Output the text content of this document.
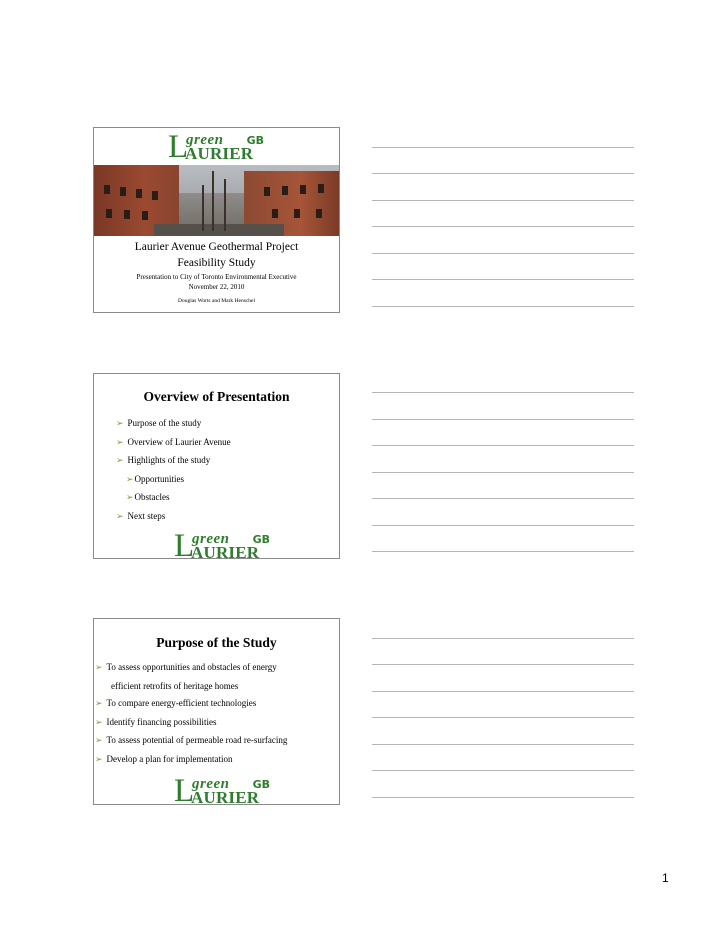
L
green
AURIER
GB
Laurier Avenue Geothermal Project
Feasibility Study
Presentation to City of Toronto Environmental Executive
November 22, 2010
Douglas Worts and Mark Henschel
Overview of Presentation
➢ Purpose of the study
➢ Overview of Laurier Avenue
➢ Highlights of the study
➢Opportunities
➢Obstacles
➢ Next steps
L
green
AURIER
GB
Purpose of the Study
➢ To assess opportunities and obstacles of energy
efficient retrofits of heritage homes
➢ To compare energy-efficient technologies
➢ Identify financing possibilities
➢ To assess potential of permeable road re-surfacing
➢ Develop a plan for implementation
L
green
AURIER
GB
1
